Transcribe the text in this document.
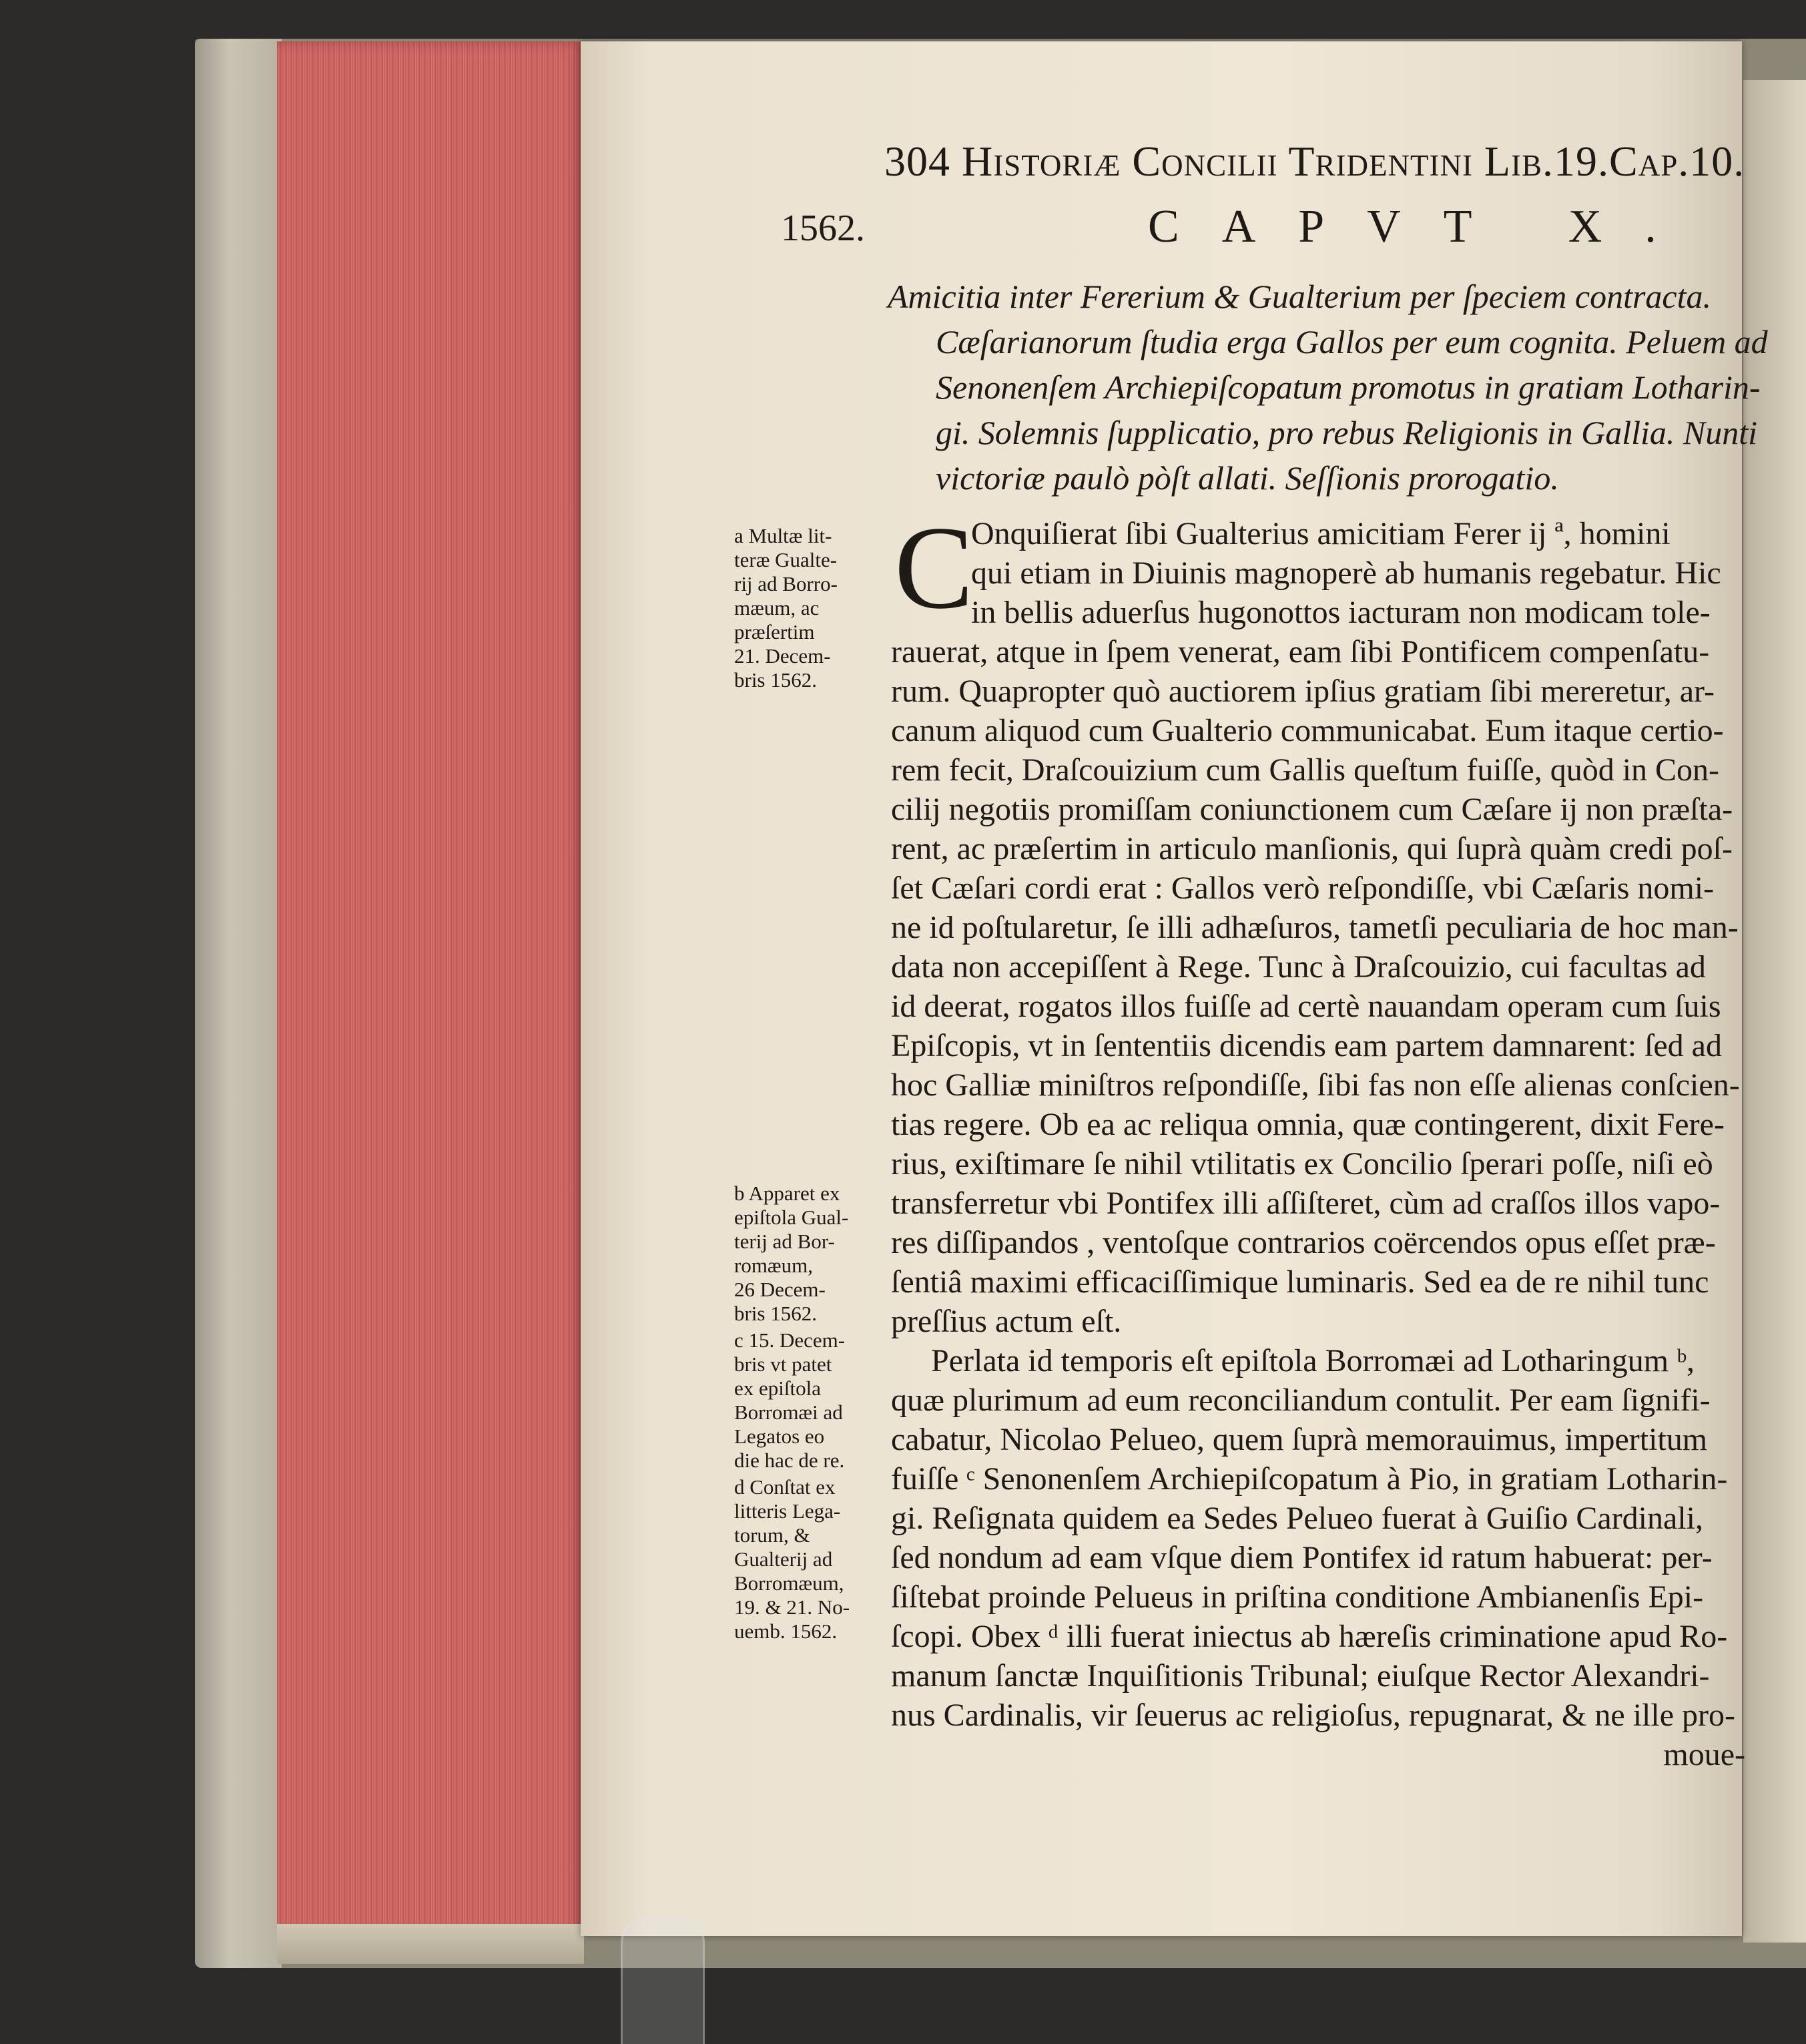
304 Historiæ Concilii Tridentini Lib.19.Cap.10.
1562.	CAPVT X.
Amicitia inter Fererium & Gualterium per ſpeciem contracta.
Cæſarianorum ſtudia erga Gallos per eum cognita. Peluem ad
Senonenſem Archiepiſcopatum promotus in gratiam Lotharin-
gi. Solemnis ſupplicatio, pro rebus Religionis in Gallia. Nunti
victoriæ paulò pòſt allati. Seſſionis prorogatio.
C
Onquiſierat ſibi Gualterius amicitiam Ferer ij ª, homini
qui etiam in Diuinis magnoperè ab humanis regebatur. Hic
in bellis aduerſus hugonottos iacturam non modicam tole-
rauerat, atque in ſpem venerat, eam ſibi Pontificem compenſatu-
rum. Quapropter quò auctiorem ipſius gratiam ſibi mereretur, ar-
canum aliquod cum Gualterio communicabat. Eum itaque certio-
rem fecit, Draſcouizium cum Gallis queſtum fuiſſe, quòd in Con-
cilij negotiis promiſſam coniunctionem cum Cæſare ij non præſta-
rent, ac præſertim in articulo manſionis, qui ſuprà quàm credi poſ-
ſet Cæſari cordi erat : Gallos verò reſpondiſſe, vbi Cæſaris nomi-
ne id poſtularetur, ſe illi adhæſuros, tametſi peculiaria de hoc man-
data non accepiſſent à Rege. Tunc à Draſcouizio, cui facultas ad
id deerat, rogatos illos fuiſſe ad certè nauandam operam cum ſuis
Epiſcopis, vt in ſententiis dicendis eam partem damnarent: ſed ad
hoc Galliæ miniſtros reſpondiſſe, ſibi fas non eſſe alienas conſcien-
tias regere. Ob ea ac reliqua omnia, quæ contingerent, dixit Fere-
rius, exiſtimare ſe nihil vtilitatis ex Concilio ſperari poſſe, niſi eò
transferretur vbi Pontifex illi aſſiſteret, cùm ad craſſos illos vapo-
res diſſipandos , ventoſque contrarios coërcendos opus eſſet præ-
ſentiâ maximi efficaciſſimique luminaris. Sed ea de re nihil tunc
preſſius actum eſt.
Perlata id temporis eſt epiſtola Borromæi ad Lotharingum ᵇ,
quæ plurimum ad eum reconciliandum contulit. Per eam ſignifi-
cabatur, Nicolao Pelueo, quem ſuprà memorauimus, impertitum
fuiſſe ᶜ Senonenſem Archiepiſcopatum à Pio, in gratiam Lotharin-
gi. Reſignata quidem ea Sedes Pelueo fuerat à Guiſio Cardinali,
ſed nondum ad eam vſque diem Pontifex id ratum habuerat: per-
ſiſtebat proinde Pelueus in priſtina conditione Ambianenſis Epi-
ſcopi. Obex ᵈ illi fuerat iniectus ab hæreſis criminatione apud Ro-
manum ſanctæ Inquiſitionis Tribunal; eiuſque Rector Alexandri-
nus Cardinalis, vir ſeuerus ac religioſus, repugnarat, & ne ille pro-
moue-
a Multæ lit-
teræ Gualte-
rij ad Borro-
mæum, ac
præſertim
21. Decem-
bris 1562.
b Apparet ex
epiſtola Gual-
terij ad Bor-
romæum,
26 Decem-
bris 1562.
c 15. Decem-
bris vt patet
ex epiſtola
Borromæi ad
Legatos eo
die hac de re.
d Conſtat ex
litteris Lega-
torum, &
Gualterij ad
Borromæum,
19. & 21. No-
uemb. 1562.
